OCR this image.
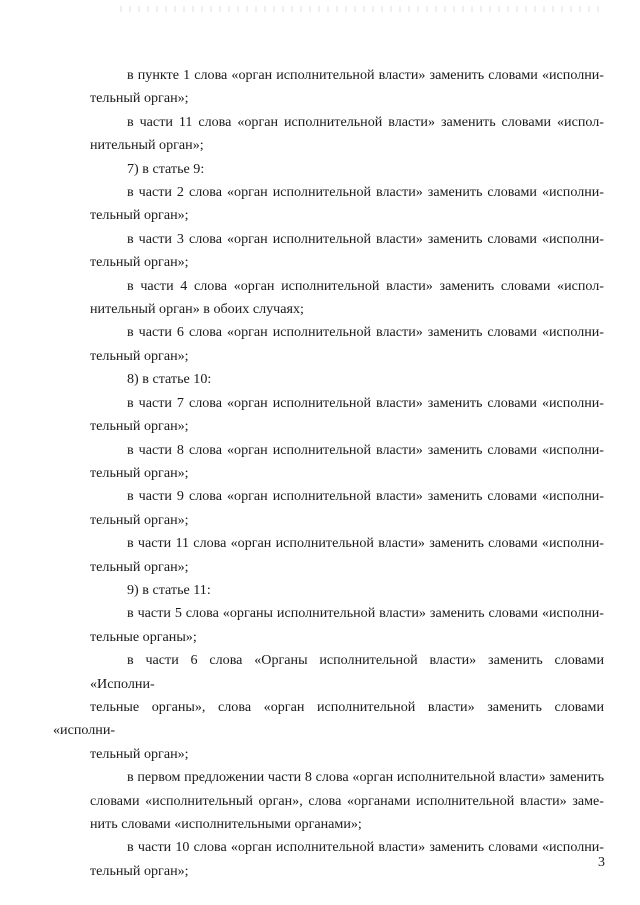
в пункте 1 слова «орган исполнительной власти» заменить словами «исполни-
тельный орган»;
в части 11 слова «орган исполнительной власти» заменить словами «испол-
нительный орган»;
7) в статье 9:
в части 2 слова «орган исполнительной власти» заменить словами «исполни-
тельный орган»;
в части 3 слова «орган исполнительной власти» заменить словами «исполни-
тельный орган»;
в части 4 слова «орган исполнительной власти» заменить словами «испол-
нительный орган» в обоих случаях;
в части 6 слова «орган исполнительной власти» заменить словами «исполни-
тельный орган»;
8) в статье 10:
в части 7 слова «орган исполнительной власти» заменить словами «исполни-
тельный орган»;
в части 8 слова «орган исполнительной власти» заменить словами «исполни-
тельный орган»;
в части 9 слова «орган исполнительной власти» заменить словами «исполни-
тельный орган»;
в части 11 слова «орган исполнительной власти» заменить словами «исполни-
тельный орган»;
9) в статье 11:
в части 5 слова «органы исполнительной власти» заменить словами «исполни-
тельные органы»;
в части 6 слова «Органы исполнительной власти» заменить словами «Исполни-
тельные органы», слова «орган исполнительной власти» заменить словами «исполни-
тельный орган»;
в первом предложении части 8 слова «орган исполнительной власти» заменить
словами «исполнительный орган», слова «органами исполнительной власти» заме-
нить словами «исполнительными органами»;
в части 10 слова «орган исполнительной власти» заменить словами «исполни-
тельный орган»;
3
